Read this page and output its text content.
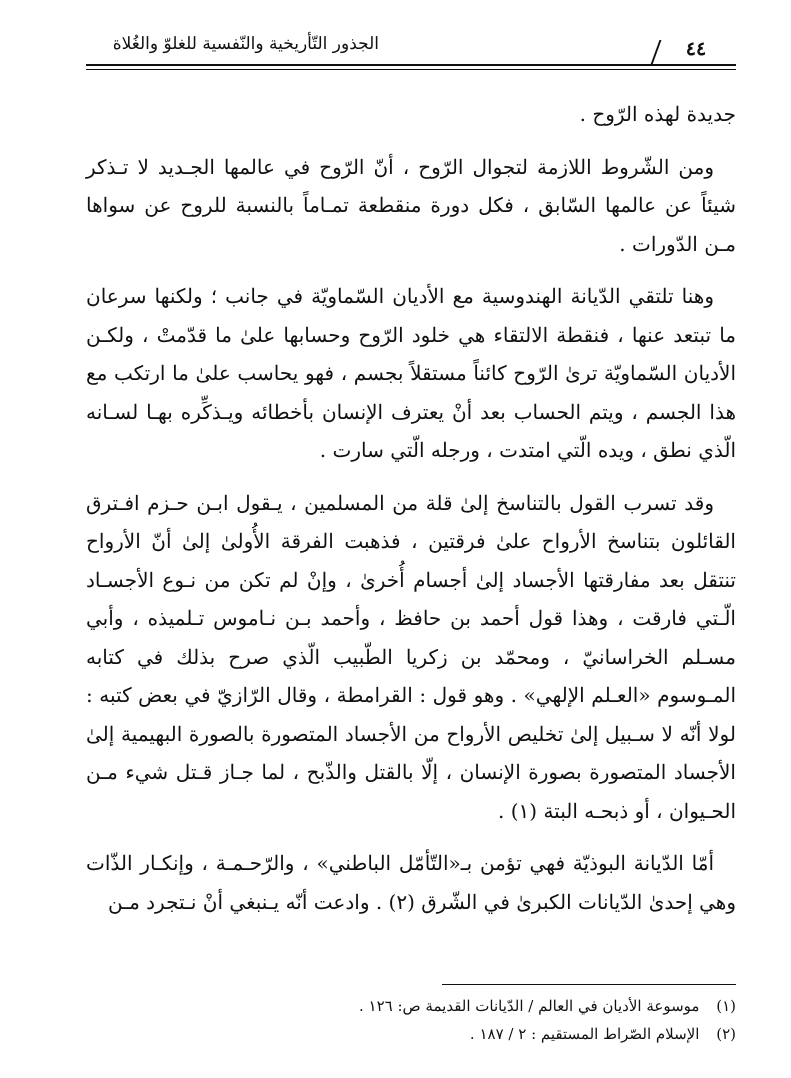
الجذور التّأريخية والنّفسية للغلوّ والغُلاة	٤٤

جديدة لهذه الرّوح .

ومن الشّروط اللازمة لتجوال الرّوح ، أنّ الرّوح في عالمها الجـديد لا تـذكر شيئاً عن عالمها السّابق ، فكل دورة منقطعة تمـاماً بالنسبة للروح عن سواها مـن الدّورات .

وهنا تلتقي الدّيانة الهندوسية مع الأديان السّماويّة في جانب ؛ ولكنها سرعان ما تبتعد عنها ، فنقطة الالتقاء هي خلود الرّوح وحسابها علىٰ ما قدّمتْ ، ولكـن الأديان السّماويّة ترىٰ الرّوح كائناً مستقلاً بجسم ، فهو يحاسب علىٰ ما ارتكب مع هذا الجسم ، ويتم الحساب بعد أنْ يعترف الإنسان بأخطائه ويـذكِّره بهـا لسـانه الّذي نطق ، ويده الّتي امتدت ، ورجله الّتي سارت .

وقد تسرب القول بالتناسخ إلىٰ قلة من المسلمين ، يـقول ابـن حـزم افـترق القائلون بتناسخ الأرواح علىٰ فرقتين ، فذهبت الفرقة الأُولىٰ إلىٰ أنّ الأرواح تنتقل بعد مفارقتها الأجساد إلىٰ أجسام أُخرىٰ ، وإنْ لم تكن من نـوع الأجسـاد الّـتي فارقت ، وهذا قول أحمد بن حافظ ، وأحمد بـن نـاموس تـلميذه ، وأبي مسـلم الخراسانيّ ، ومحمّد بن زكريا الطّبيب الّذي صرح بذلك في كتابه المـوسوم «العـلم الإلهي» . وهو قول : القرامطة ، وقال الرّازيّ في بعض كتبه : لولا أنّه لا سـبيل إلىٰ تخليص الأرواح من الأجساد المتصورة بالصورة البهيمية إلىٰ الأجساد المتصورة بصورة الإنسان ، إلّا بالقتل والذّبح ، لما جـاز قـتل شيء مـن الحـيوان ، أو ذبحـه البتة (١) .

أمّا الدّيانة البوذيّة فهي تؤمن بـ«التّأمّل الباطني» ، والرّحـمـة ، وإنكـار الذّات وهي إحدىٰ الدّيانات الكبرىٰ في الشّرق (٢) . وادعت أنّه يـنبغي أنْ نـتجرد مـن

(١) موسوعة الأديان في العالم / الدّيانات القديمة ص: ١٢٦ .

(٢) الإسلام الصّراط المستقيم : ٢ / ١٨٧ .
